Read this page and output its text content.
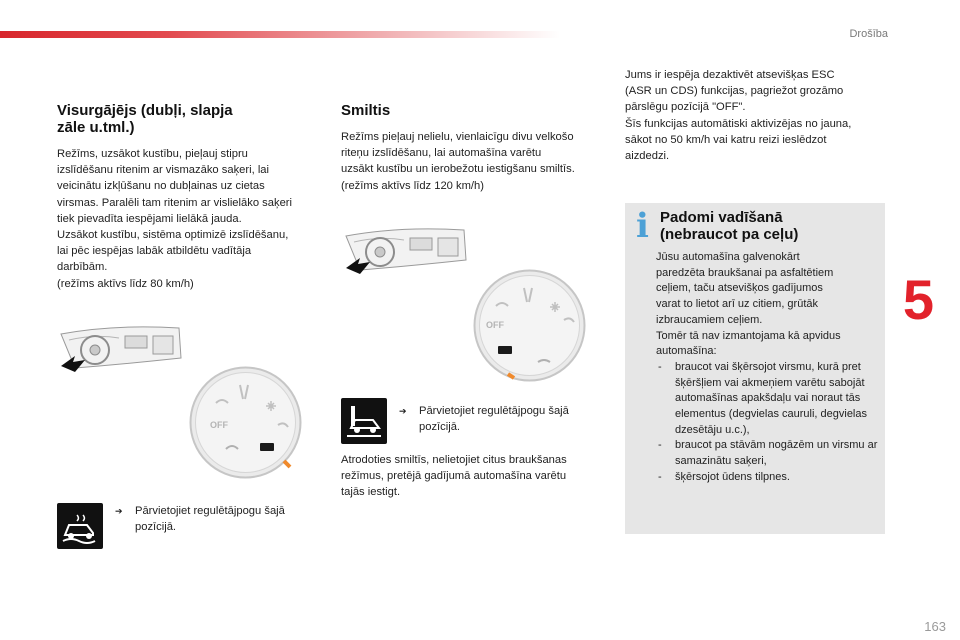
Drošība
5
Visurgājējs (dubļi, slapja
zāle u.tml.)

Režīms, uzsākot kustību, pieļauj stipru
izslīdēšanu ritenim ar vismazāko saķeri, lai
veicinātu izkļūšanu no dubļainas uz cietas
virsmas. Paralēli tam ritenim ar vislielāko saķeri
tiek pievadīta iespējami lielākā jauda.
Uzsākot kustību, sistēma optimizē izslīdēšanu,
lai pēc iespējas labāk atbildētu vadītāja
darbībām.
(režīms aktīvs līdz 80 km/h)

OFF
➔ Pārvietojiet regulētājpogu šajā
pozīcijā.
Smiltis

Režīms pieļauj nelielu, vienlaicīgu divu velkošo
riteņu izslīdēšanu, lai automašīna varētu
uzsākt kustību un ierobežotu iestigšanu smiltīs.
(režīms aktīvs līdz 120 km/h)

OFF
➔ Pārvietojiet regulētājpogu šajā
pozīcijā.
Atrodoties smiltīs, nelietojiet citus braukšanas
režīmus, pretējā gadījumā automašīna varētu
tajās iestigt.
Jums ir iespēja dezaktivēt atsevišķas ESC
(ASR un CDS) funkcijas, pagriežot grozāmo
pārslēgu pozīcijā "OFF".
Šīs funkcijas automātiski aktivizējas no jauna,
sākot no 50 km/h vai katru reizi ieslēdzot
aizdedzi.
i Padomi vadīšanā
(nebraucot pa ceļu)

Jūsu automašīna galvenokārt
paredzēta braukšanai pa asfaltētiem
ceļiem, taču atsevišķos gadījumos
varat to lietot arī uz citiem, grūtāk
izbraucamiem ceļiem.
Tomēr tā nav izmantojama kā apvidus
automašīna:

- braucot vai šķērsojot virsmu, kurā pret šķēršļiem vai akmeņiem varētu sabojāt automašīnas apakšdaļu vai noraut tās elementus (degvielas cauruli, degvielas dzesētāju u.c.),
- braucot pa stāvām nogāzēm un virsmu ar samazinātu saķeri,
- šķērsojot ūdens tilpnes.
163
